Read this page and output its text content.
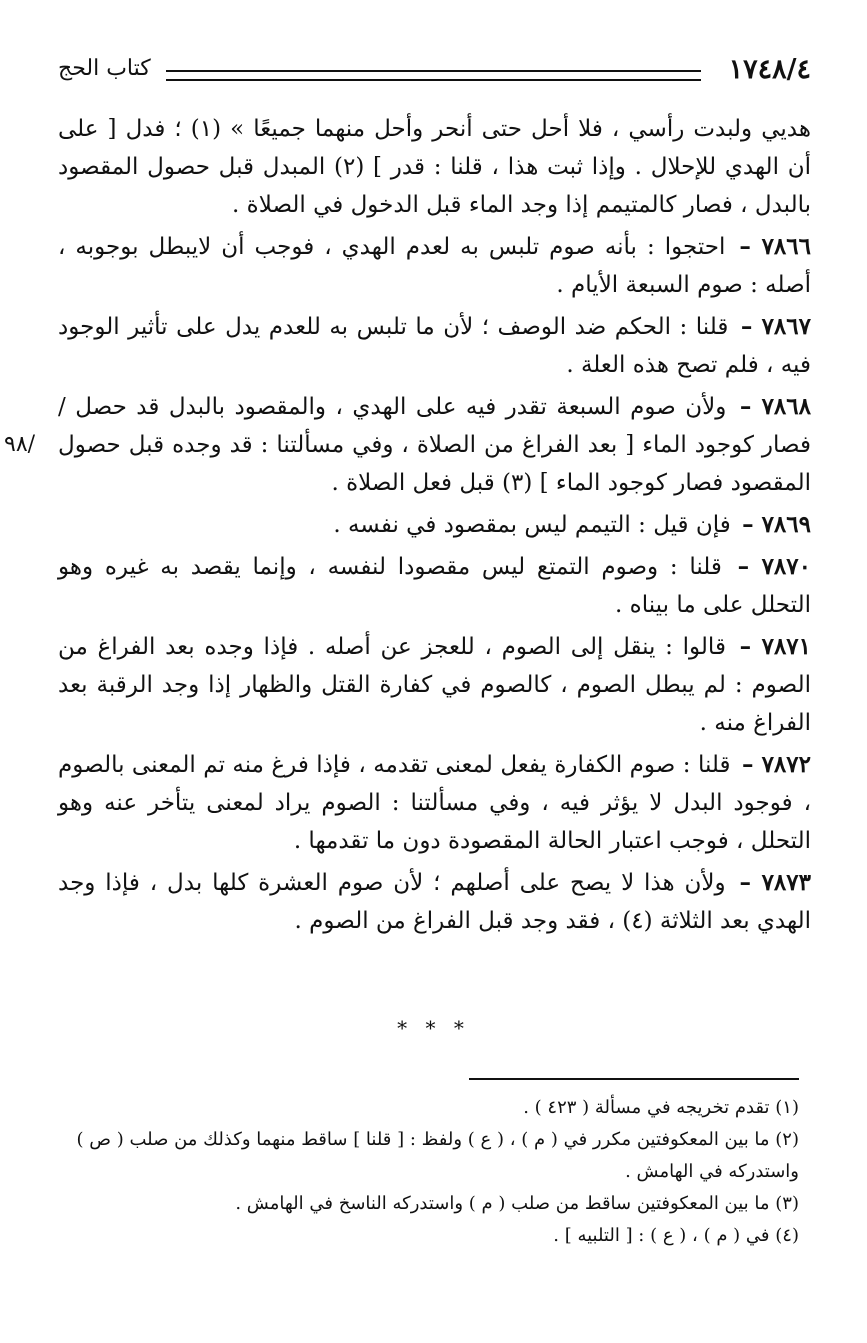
١٧٤٨/٤
كتاب الحج
٩٨/

هديي ولبدت رأسي ، فلا أحل حتى أنحر وأحل منهما جميعًا » (١) ؛ فدل [ على أن الهدي للإحلال . وإذا ثبت هذا ، قلنا : قدر ] (٢) المبدل قبل حصول المقصود بالبدل ، فصار كالمتيمم إذا وجد الماء قبل الدخول في الصلاة .

٧٨٦٦ – احتجوا : بأنه صوم تلبس به لعدم الهدي ، فوجب أن لايبطل بوجوبه ، أصله : صوم السبعة الأيام .

٧٨٦٧ – قلنا : الحكم ضد الوصف ؛ لأن ما تلبس به للعدم يدل على تأثير الوجود فيه ، فلم تصح هذه العلة .

٧٨٦٨ – ولأن صوم السبعة تقدر فيه على الهدي ، والمقصود بالبدل قد حصل / فصار كوجود الماء [ بعد الفراغ من الصلاة ، وفي مسألتنا : قد وجده قبل حصول المقصود فصار كوجود الماء ] (٣) قبل فعل الصلاة .

٧٨٦٩ – فإن قيل : التيمم ليس بمقصود في نفسه .

٧٨٧٠ – قلنا : وصوم التمتع ليس مقصودا لنفسه ، وإنما يقصد به غيره وهو التحلل على ما بيناه .

٧٨٧١ – قالوا : ينقل إلى الصوم ، للعجز عن أصله . فإذا وجده بعد الفراغ من الصوم : لم يبطل الصوم ، كالصوم في كفارة القتل والظهار إذا وجد الرقبة بعد الفراغ منه .

٧٨٧٢ – قلنا : صوم الكفارة يفعل لمعنى تقدمه ، فإذا فرغ منه تم المعنى بالصوم ، فوجود البدل لا يؤثر فيه ، وفي مسألتنا : الصوم يراد لمعنى يتأخر عنه وهو التحلل ، فوجب اعتبار الحالة المقصودة دون ما تقدمها .

٧٨٧٣ – ولأن هذا لا يصح على أصلهم ؛ لأن صوم العشرة كلها بدل ، فإذا وجد الهدي بعد الثلاثة (٤) ، فقد وجد قبل الفراغ من الصوم .

* * *

(١) تقدم تخريجه في مسألة ( ٤٢٣ ) .

(٢) ما بين المعكوفتين مكرر في ( م ) ، ( ع ) ولفظ : [ قلنا ] ساقط منهما وكذلك من صلب ( ص ) واستدركه في الهامش .

(٣) ما بين المعكوفتين ساقط من صلب ( م ) واستدركه الناسخ في الهامش .

(٤) في ( م ) ، ( ع ) : [ التلبيه ] .
